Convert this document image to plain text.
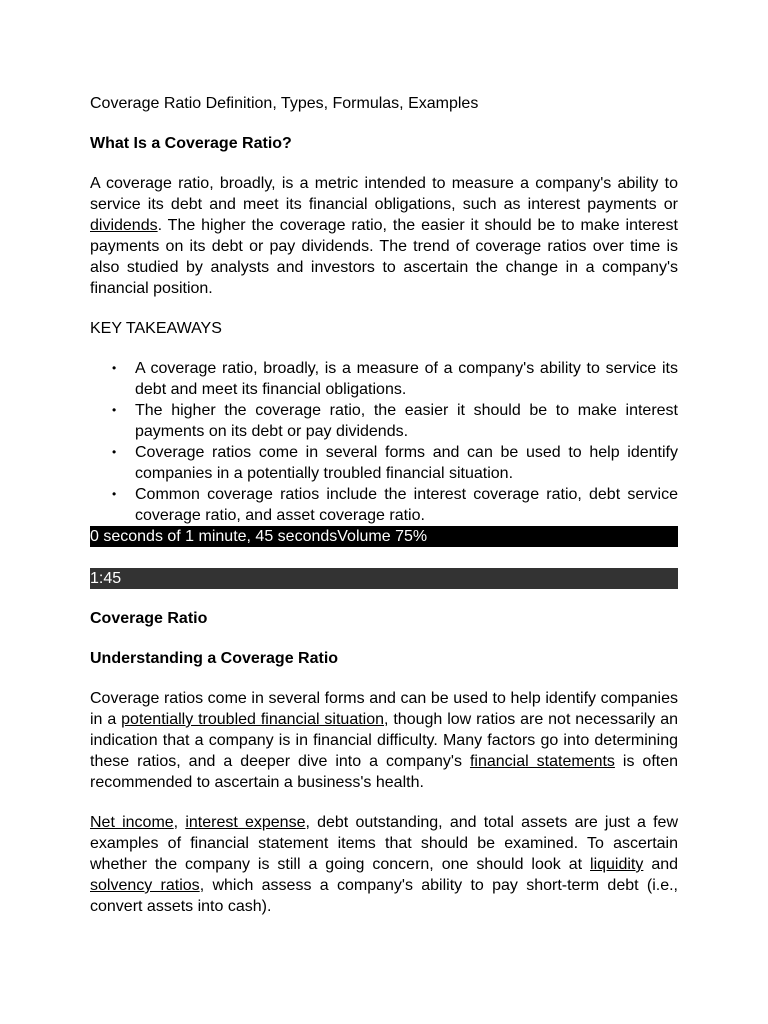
Coverage Ratio Definition, Types, Formulas, Examples

What Is a Coverage Ratio?

A coverage ratio, broadly, is a metric intended to measure a company's ability to service its debt and meet its financial obligations, such as interest payments or dividends. The higher the coverage ratio, the easier it should be to make interest payments on its debt or pay dividends. The trend of coverage ratios over time is also studied by analysts and investors to ascertain the change in a company's financial position.

KEY TAKEAWAYS

• A coverage ratio, broadly, is a measure of a company's ability to service its debt and meet its financial obligations.
• The higher the coverage ratio, the easier it should be to make interest payments on its debt or pay dividends.
• Coverage ratios come in several forms and can be used to help identify companies in a potentially troubled financial situation.
• Common coverage ratios include the interest coverage ratio, debt service coverage ratio, and asset coverage ratio.
0 seconds of 1 minute, 45 secondsVolume 75%
1:45

Coverage Ratio

Understanding a Coverage Ratio

Coverage ratios come in several forms and can be used to help identify companies in a potentially troubled financial situation, though low ratios are not necessarily an indication that a company is in financial difficulty. Many factors go into determining these ratios, and a deeper dive into a company's financial statements is often recommended to ascertain a business's health.

Net income, interest expense, debt outstanding, and total assets are just a few examples of financial statement items that should be examined. To ascertain whether the company is still a going concern, one should look at liquidity and solvency ratios, which assess a company's ability to pay short-term debt (i.e., convert assets into cash).
